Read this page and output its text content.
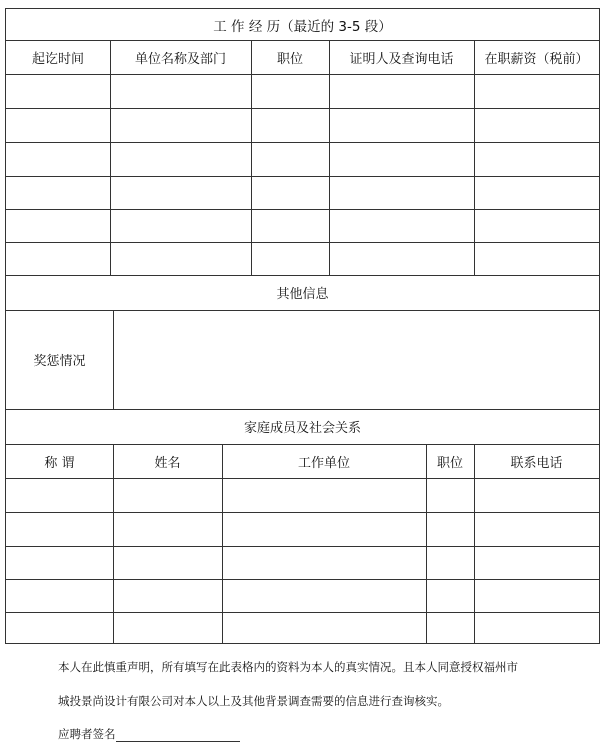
工 作 经 历（最近的 3-5 段）
起讫时间	单位名称及部门	职位	证明人及查询电话	在职薪资（税前）
其他信息
奖惩情况
家庭成员及社会关系
称 谓	姓名	工作单位	职位	联系电话
本人在此慎重声明，所有填写在此表格内的资料为本人的真实情况。且本人同意授权福州市
城投景尚设计有限公司对本人以上及其他背景调查需要的信息进行查询核实。
应聘者签名
